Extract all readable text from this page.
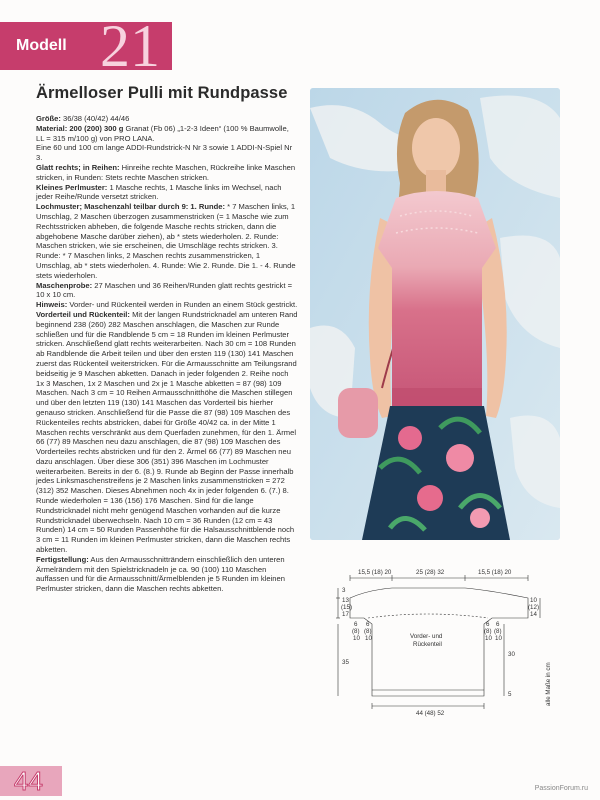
Modell 21
Ärmelloser Pulli mit Rundpasse

Größe: 36/38 (40/42) 44/46

Material: 200 (200) 300 g Granat (Fb 06) „1-2-3 Ideen“ (100 % Baumwolle, LL = 315 m/100 g) von PRO LANA.

Eine 60 und 100 cm lange ADDI-Rundstrick-N Nr 3 sowie 1 ADDI-N-Spiel Nr 3.

Glatt rechts; in Reihen: Hinreihe rechte Maschen, Rückreihe linke Maschen stricken, in Runden: Stets rechte Maschen stricken.

Kleines Perlmuster: 1 Masche rechts, 1 Masche links im Wechsel, nach jeder Reihe/Runde versetzt stricken.

Lochmuster; Maschenzahl teilbar durch 9: 1. Runde: * 7 Maschen links, 1 Umschlag, 2 Maschen überzogen zusammenstricken (= 1 Masche wie zum Rechtsstricken abheben, die folgende Masche rechts stricken, dann die abgehobene Masche darüber ziehen), ab * stets wiederholen. 2. Runde: Maschen stricken, wie sie erscheinen, die Umschläge rechts stricken. 3. Runde: * 7 Maschen links, 2 Maschen rechts zusammenstricken, 1 Umschlag, ab * stets wiederholen. 4. Runde: Wie 2. Runde. Die 1. - 4. Runde stets wiederholen.

Maschenprobe: 27 Maschen und 36 Reihen/Runden glatt rechts gestrickt = 10 x 10 cm.

Hinweis: Vorder- und Rückenteil werden in Runden an einem Stück gestrickt.

Vorderteil und Rückenteil: Mit der langen Rundstricknadel am unteren Rand beginnend 238 (260) 282 Maschen anschlagen, die Maschen zur Runde schließen und für die Randblende 5 cm = 18 Runden im kleinen Perlmuster stricken. Anschließend glatt rechts weiterarbeiten. Nach 30 cm = 108 Runden ab Randblende die Arbeit teilen und über den ersten 119 (130) 141 Maschen zuerst das Rückenteil weiterstricken. Für die Armausschnitte am Teilungsrand beidseitig je 9 Maschen abketten. Danach in jeder folgenden 2. Reihe noch 1x 3 Maschen, 1x 2 Maschen und 2x je 1 Masche abketten = 87 (98) 109 Maschen. Nach 3 cm = 10 Reihen Armausschnitthöhe die Maschen stillegen und über den letzten 119 (130) 141 Maschen das Vorderteil bis hierher genauso stricken. Anschließend für die Passe die 87 (98) 109 Maschen des Rückenteiles rechts abstricken, dabei für Größe 40/42 ca. in der Mitte 1 Maschen rechts verschränkt aus dem Querfaden zunehmen, für den 1. Ärmel 66 (77) 89 Maschen neu dazu anschlagen, die 87 (98) 109 Maschen des Vorderteiles rechts abstricken und für den 2. Ärmel 66 (77) 89 Maschen neu dazu anschlagen. Über diese 306 (351) 396 Maschen im Lochmuster weiterarbeiten. Bereits in der 6. (8.) 9. Runde ab Beginn der Passe innerhalb jedes Linksmaschenstreifens je 2 Maschen links zusammenstricken = 272 (312) 352 Maschen. Dieses Abnehmen noch 4x in jeder folgenden 6. (7.) 8. Runde wiederholen = 136 (156) 176 Maschen. Sind für die lange Rundstricknadel nicht mehr genügend Maschen vorhanden auf die kurze Rundstricknadel überwechseln. Nach 10 cm = 36 Runden (12 cm = 43 Runden) 14 cm = 50 Runden Passenhöhe für die Halsausschnittblende noch 3 cm = 11 Runden im kleinen Perlmuster stricken, dann die Maschen rechts abketten.

Fertigstellung: Aus den Armausschnitträndern einschließlich den unteren Ärmelrändern mit den Spielstricknadeln je ca. 90 (100) 110 Maschen auffassen und für die Armausschnitt/Ärmelblenden je 5 Runden im kleinen Perlmuster stricken, dann die Maschen rechts abketten.

15,5 (18) 20	25 (28) 32	15,5 (18) 20
3
13
(15)
17
10
(12)
14
6
(8)
10
6
(8)
10
6
(8)
10
6
(8)
10
Vorder- und
Rückenteil
35
30
5
44 (48) 52
alle Maße in cm
44	PassionForum.ru
